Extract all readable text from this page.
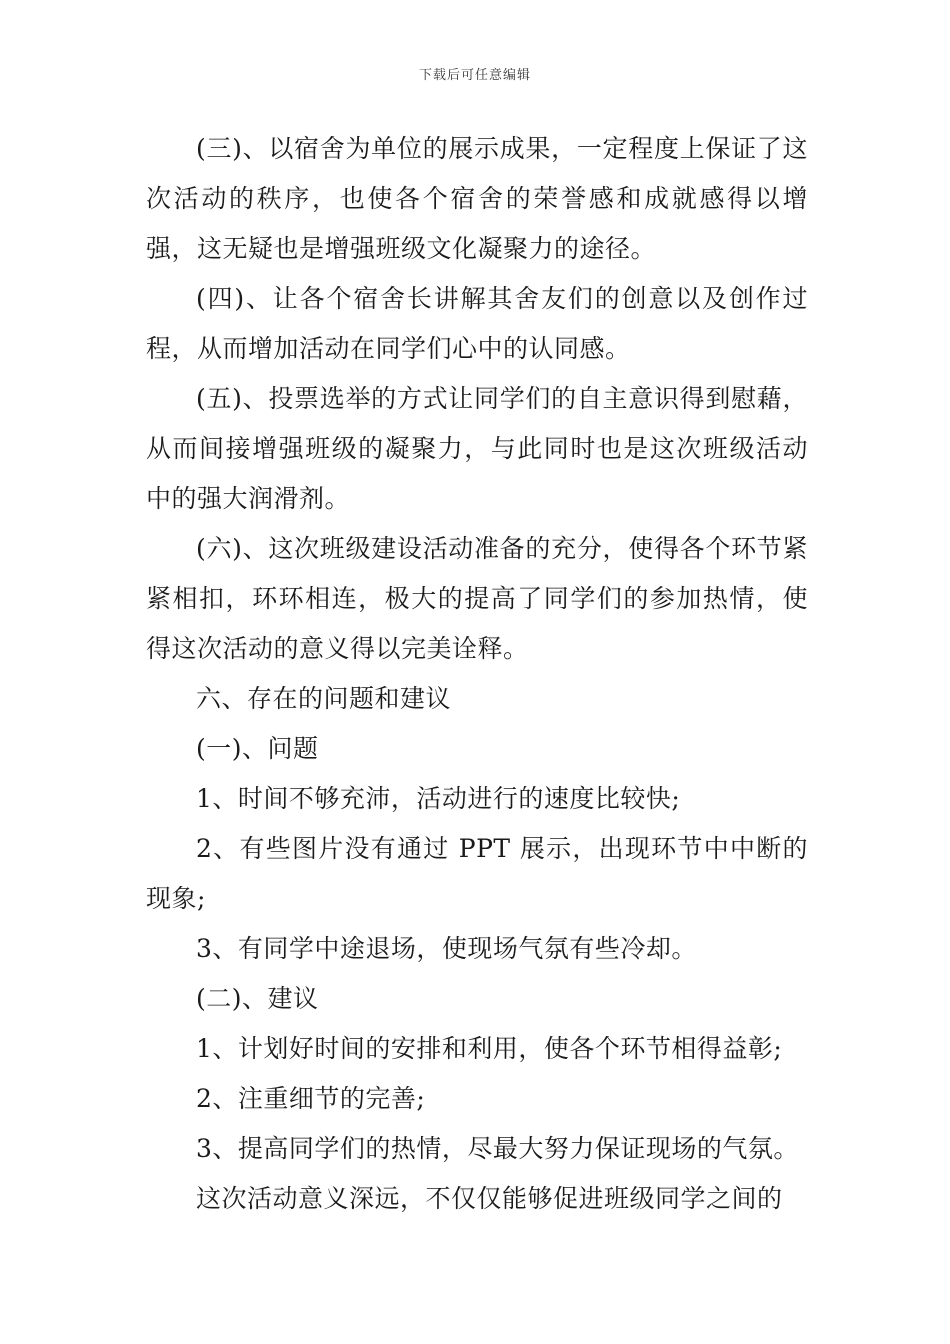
下载后可任意编辑

(三)、以宿舍为单位的展示成果，一定程度上保证了这次活动的秩序，也使各个宿舍的荣誉感和成就感得以增强，这无疑也是增强班级文化凝聚力的途径。

(四)、让各个宿舍长讲解其舍友们的创意以及创作过程，从而增加活动在同学们心中的认同感。

(五)、投票选举的方式让同学们的自主意识得到慰藉，从而间接增强班级的凝聚力，与此同时也是这次班级活动中的强大润滑剂。

(六)、这次班级建设活动准备的充分，使得各个环节紧紧相扣，环环相连，极大的提高了同学们的参加热情，使得这次活动的意义得以完美诠释。

六、存在的问题和建议

(一)、问题

1、时间不够充沛，活动进行的速度比较快;

2、有些图片没有通过 PPT 展示，出现环节中中断的现象;

3、有同学中途退场，使现场气氛有些冷却。

(二)、建议

1、计划好时间的安排和利用，使各个环节相得益彰;

2、注重细节的完善;

3、提高同学们的热情，尽最大努力保证现场的气氛。

这次活动意义深远，不仅仅能够促进班级同学之间的
